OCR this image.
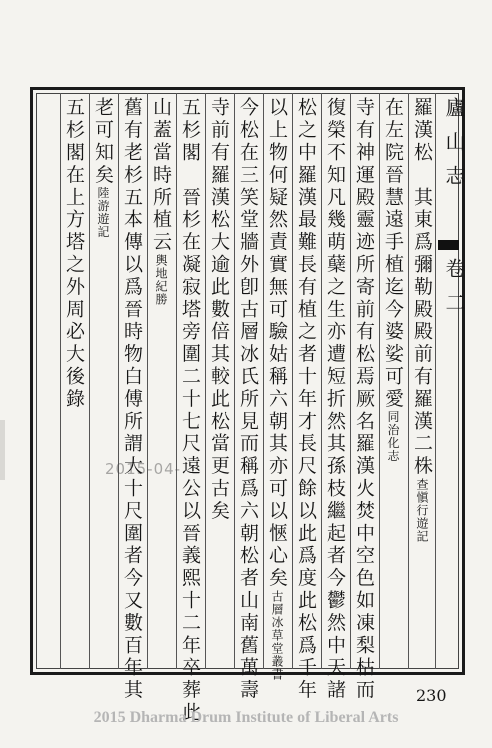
廬山志
卷二
羅漢松　其東爲彌勒殿殿前有羅漢二株查愼行遊記
在左院晉慧遠手植迄今婆娑可愛同治化志
寺有神運殿靈迹所寄前有松焉厥名羅漢火焚中空色如凍梨枯而
復榮不知凡幾萌蘖之生亦遭短折然其孫枝繼起者今鬱然中天諸
松之中羅漢最難長有植之者十年才長尺餘以此爲度此松爲千年
以上物何疑然責實無可驗姑稱六朝其亦可以愜心矣古層冰草堂叢書
今松在三笑堂牆外卽古層冰氏所見而稱爲六朝松者山南舊萬壽
寺前有羅漢松大逾此數倍其較此松當更古矣
五杉閣　晉杉在凝寂塔旁圍二十七尺遠公以晉義熙十二年卒葬此
山蓋當時所植云輿地紀勝
舊有老杉五本傳以爲晉時物白傅所謂大十尺圍者今又數百年其
老可知矣陸游遊記
五杉閣在上方塔之外周必大後錄
2015-04-
230
2015 Dharma Drum Institute of Liberal Arts
